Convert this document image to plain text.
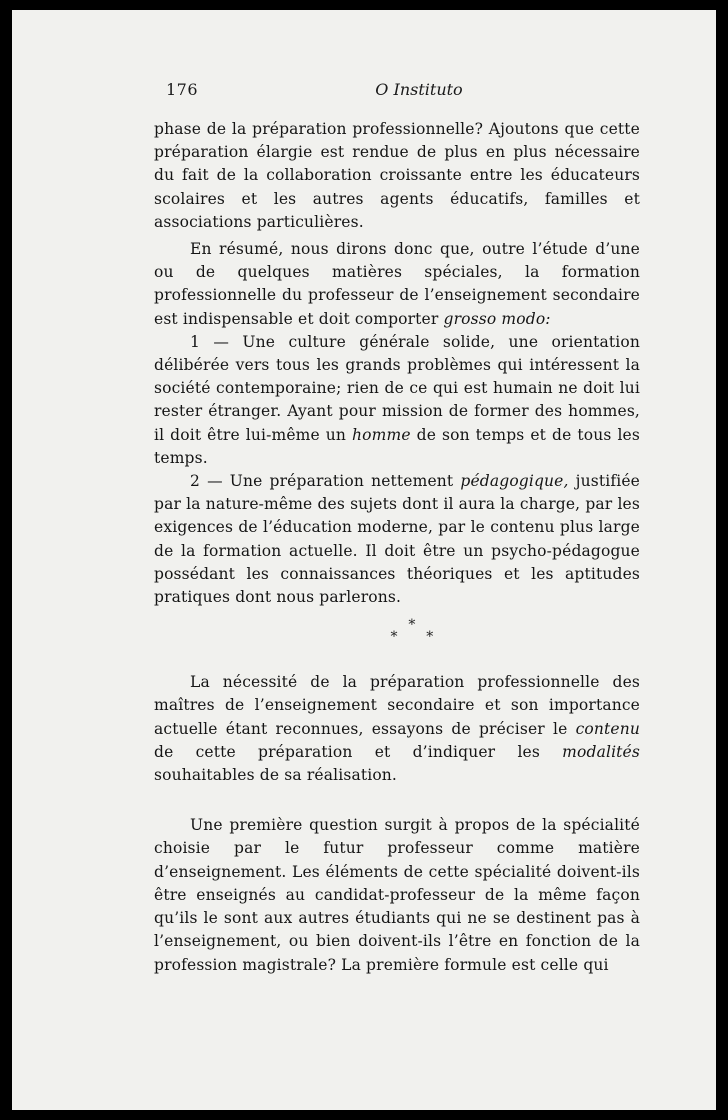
176	O Instituto

phase de la préparation professionnelle? Ajoutons que cette préparation élargie est rendue de plus en plus nécessaire du fait de la collaboration croissante entre les éducateurs scolaires et les autres agents éducatifs, familles et associations particulières.

En résumé, nous dirons donc que, outre l’étude d’une ou de quelques matières spéciales, la formation professionnelle du professeur de l’enseignement secondaire est indispensable et doit comporter grosso modo:

1 — Une culture générale solide, une orientation délibérée vers tous les grands problèmes qui intéressent la société contemporaine; rien de ce qui est humain ne doit lui rester étranger. Ayant pour mission de former des hommes, il doit être lui-même un homme de son temps et de tous les temps.

2 — Une préparation nettement pédagogique, justifiée par la nature-même des sujets dont il aura la charge, par les exigences de l’éducation moderne, par le contenu plus large de la formation actuelle. Il doit être un psycho-pédagogue possédant les connaissances théoriques et les aptitudes pratiques dont nous parlerons.

*
* *

La nécessité de la préparation professionnelle des maîtres de l’enseignement secondaire et son importance actuelle étant reconnues, essayons de préciser le contenu de cette préparation et d’indiquer les modalités souhaitables de sa réalisation.

Une première question surgit à propos de la spécialité choisie par le futur professeur comme matière d’enseignement. Les éléments de cette spécialité doivent-ils être enseignés au candidat-professeur de la même façon qu’ils le sont aux autres étudiants qui ne se destinent pas à l’enseignement, ou bien doivent-ils l’être en fonction de la profession magistrale? La première formule est celle qui
